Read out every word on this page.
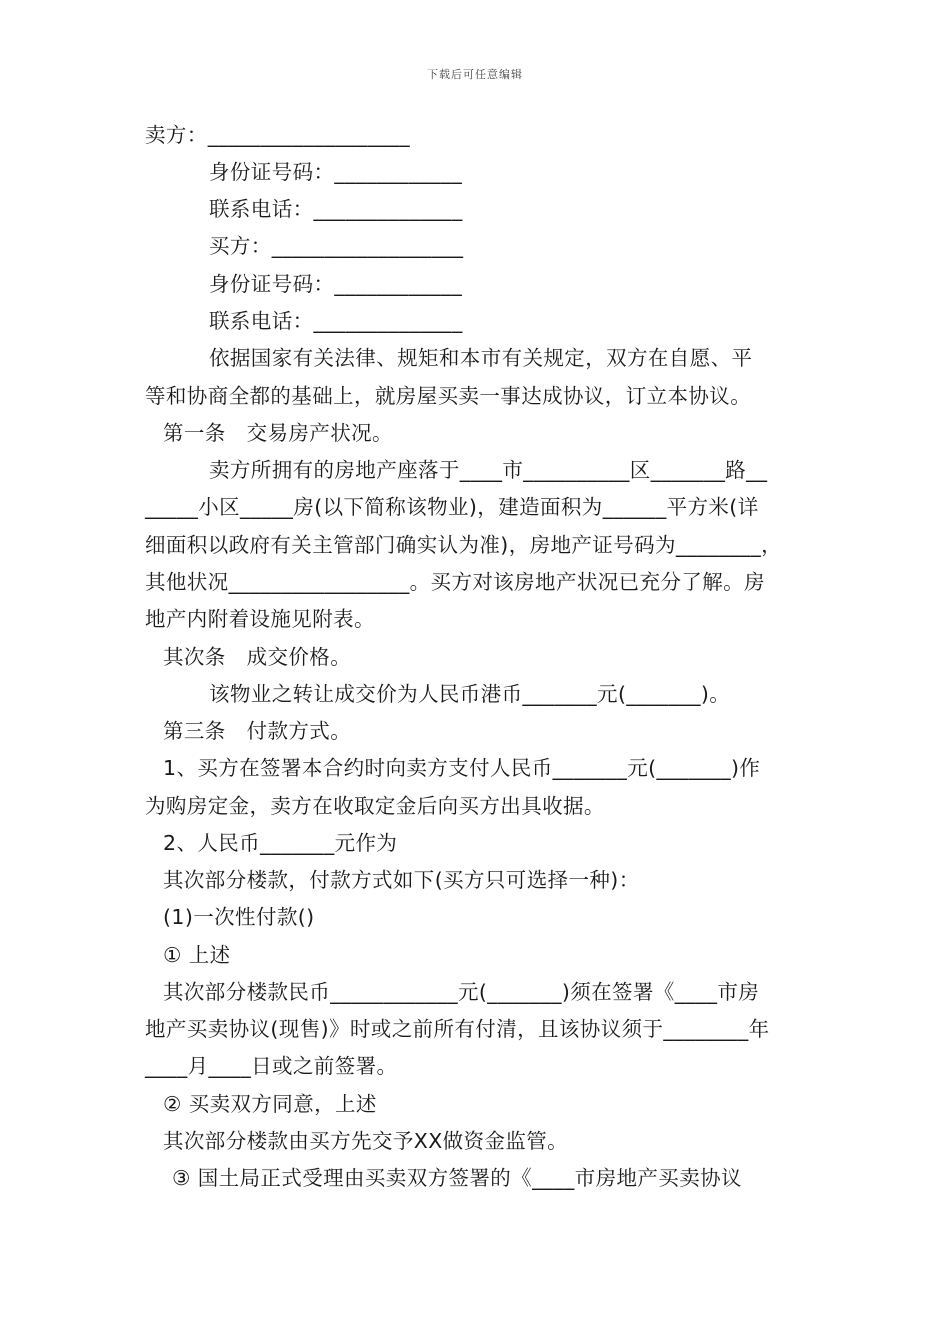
下载后可任意编辑
卖方：___________________
身份证号码：____________
联系电话：______________
买方：__________________
身份证号码：____________
联系电话：______________
依据国家有关法律、规矩和本市有关规定，双方在自愿、平
等和协商全都的基础上，就房屋买卖一事达成协议，订立本协议。
第一条　交易房产状况。
卖方所拥有的房地产座落于____市__________区_______路__
_____小区_____房(以下简称该物业)，建造面积为______平方米(详
细面积以政府有关主管部门确实认为准)，房地产证号码为________，
其他状况_________________。买方对该房地产状况已充分了解。房
地产内附着设施见附表。
其次条　成交价格。
该物业之转让成交价为人民币港币_______元(_______)。
第三条　付款方式。
1、买方在签署本合约时向卖方支付人民币_______元(_______)作
为购房定金，卖方在收取定金后向买方出具收据。
2、人民币_______元作为
其次部分楼款，付款方式如下(买方只可选择一种)：
(1)一次性付款()
① 上述
其次部分楼款民币____________元(_______)须在签署《____市房
地产买卖协议(现售)》时或之前所有付清，且该协议须于________年
____月____日或之前签署。
② 买卖双方同意，上述
其次部分楼款由买方先交予XX做资金监管。
③ 国土局正式受理由买卖双方签署的《____市房地产买卖协议
